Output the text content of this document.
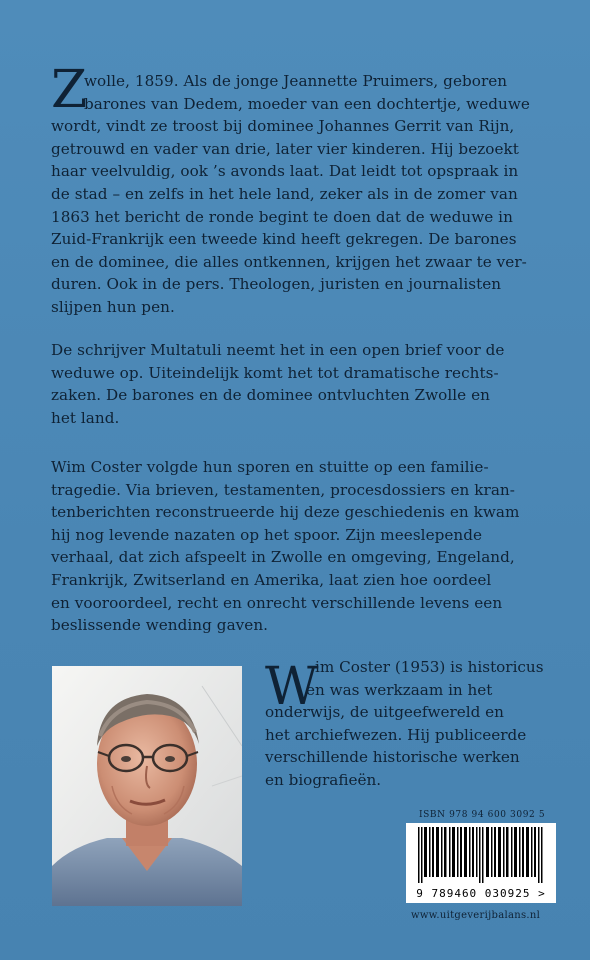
Z

wolle, 1859. Als de jonge Jeannette Pruimers, geboren

barones van Dedem, moeder van een dochtertje, weduwe

wordt, vindt ze troost bij dominee Johannes Gerrit van Rijn,

getrouwd en vader van drie, later vier kinderen. Hij bezoekt

haar veelvuldig, ook ’s avonds laat. Dat leidt tot opspraak in

de stad – en zelfs in het hele land, zeker als in de zomer van

1863 het bericht de ronde begint te doen dat de weduwe in

Zuid-Frankrijk een tweede kind heeft gekregen. De barones

en de dominee, die alles ontkennen, krijgen het zwaar te ver-

duren. Ook in de pers. Theologen, juristen en journalisten

slijpen hun pen.

De schrijver Multatuli neemt het in een open brief voor de

weduwe op. Uiteindelijk komt het tot dramatische rechts-

zaken. De barones en de dominee ontvluchten Zwolle en

het land.

Wim Coster volgde hun sporen en stuitte op een familie-

tragedie. Via brieven, testamenten, procesdossiers en kran-

tenberichten reconstrueerde hij deze geschiedenis en kwam

hij nog levende nazaten op het spoor. Zijn meeslepende

verhaal, dat zich afspeelt in Zwolle en omgeving, Engeland,

Frankrijk, Zwitserland en Amerika, laat zien hoe oordeel

en vooroordeel, recht en onrecht verschillende levens een

beslissende wending gaven.

W

im Coster (1953) is historicus

en was werkzaam in het

onderwijs, de uitgeefwereld en

het archiefwezen. Hij publiceerde

verschillende historische werken

en biografieën.

ISBN 978 94 600 3092 5
9 789460 030925 >
www.uitgeverijbalans.nl
